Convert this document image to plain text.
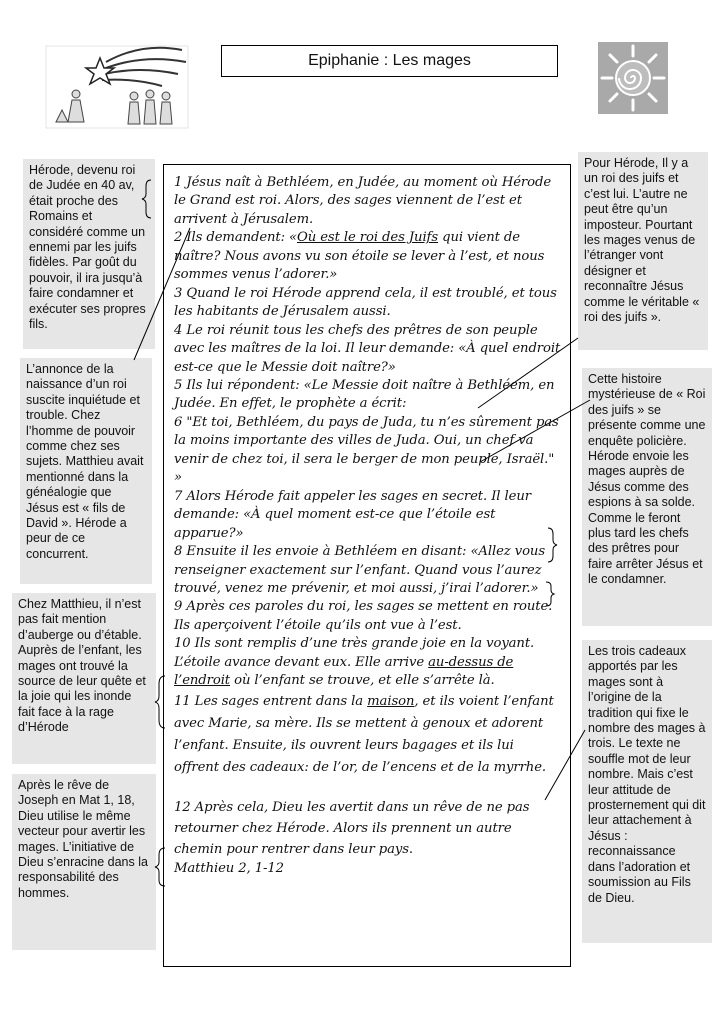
Epiphanie : Les mages
Hérode, devenu roi de Judée en 40 av, était proche des Romains et considéré comme un ennemi par les juifs fidèles. Par goût du pouvoir, il ira jusqu’à faire condamner et exécuter ses propres fils.
L’annonce de la naissance d’un roi suscite inquiétude et trouble. Chez l’homme de pouvoir comme chez ses sujets. Matthieu avait mentionné dans la généalogie que Jésus est « fils de David ». Hérode a peur de ce concurrent.
Chez Matthieu, il n’est pas fait mention d’auberge ou d’étable. Auprès de l’enfant, les mages ont trouvé la source de leur quête et la joie qui les inonde fait face à la rage d’Hérode
Après le rêve de Joseph en Mat 1, 18, Dieu utilise le même vecteur pour avertir les mages. L’initiative de Dieu s’enracine dans la responsabilité des hommes.
Pour Hérode, Il y a un roi des juifs et c’est lui. L’autre ne peut être qu’un imposteur. Pourtant les mages venus de l’étranger vont désigner et reconnaître Jésus comme le véritable « roi des juifs ».
Cette histoire mystérieuse de « Roi des juifs » se présente comme une enquête policière. Hérode envoie les mages auprès de Jésus comme des espions à sa solde. Comme le feront plus tard les chefs des prêtres pour faire arrêter Jésus et le condamner.
Les trois cadeaux apportés par les mages sont à l’origine de la tradition qui fixe le nombre des mages à trois. Le texte ne souffle mot de leur nombre. Mais c’est leur attitude de prosternement qui dit leur attachement à Jésus : reconnaissance dans l’adoration et soumission au Fils de Dieu.

1 Jésus naît à Bethléem, en Judée, au moment où Hérode le Grand est roi. Alors, des sages viennent de l’est et arrivent à Jérusalem.

2 Ils demandent: «Où est le roi des Juifs qui vient de naître? Nous avons vu son étoile se lever à l’est, et nous sommes venus l’adorer.»

3 Quand le roi Hérode apprend cela, il est troublé, et tous les habitants de Jérusalem aussi.

4 Le roi réunit tous les chefs des prêtres de son peuple avec les maîtres de la loi. Il leur demande: «À quel endroit est-ce que le Messie doit naître?»

5 Ils lui répondent: «Le Messie doit naître à Bethléem, en Judée. En effet, le prophète a écrit:

6 "Et toi, Bethléem, du pays de Juda, tu n’es sûrement pas la moins importante des villes de Juda. Oui, un chef va venir de chez toi, il sera le berger de mon peuple, Israël." »

7 Alors Hérode fait appeler les sages en secret. Il leur demande: «À quel moment est-ce que l’étoile est apparue?»

8 Ensuite il les envoie à Bethléem en disant: «Allez vous renseigner exactement sur l’enfant. Quand vous l’aurez trouvé, venez me prévenir, et moi aussi, j’irai l’adorer.»

9 Après ces paroles du roi, les sages se mettent en route. Ils aperçoivent l’étoile qu’ils ont vue à l’est.

10 Ils sont remplis d’une très grande joie en la voyant. L’étoile avance devant eux. Elle arrive au-dessus de l’endroit où l’enfant se trouve, et elle s’arrête là.

11 Les sages entrent dans la maison, et ils voient l’enfant avec Marie, sa mère. Ils se mettent à genoux et adorent l’enfant. Ensuite, ils ouvrent leurs bagages et ils lui offrent des cadeaux: de l’or, de l’encens et de la myrrhe.

12 Après cela, Dieu les avertit dans un rêve de ne pas retourner chez Hérode. Alors ils prennent un autre chemin pour rentrer dans leur pays.

Matthieu 2, 1-12
